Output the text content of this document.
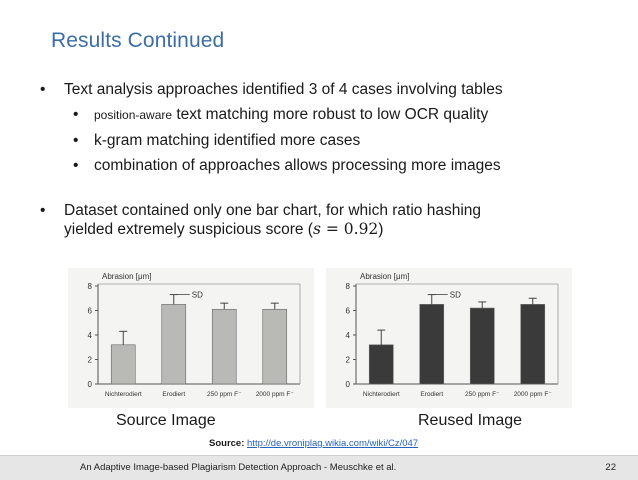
Results Continued
• Text analysis approaches identified 3 of 4 cases involving tables
• position-aware text matching more robust to low OCR quality
• k-gram matching identified more cases
• combination of approaches allows processing more images
• Dataset contained only one bar chart, for which ratio hashing
yielded extremely suspicious score (s = 0.92)
Abrasion [μm]
0
2
4
6
8
Nichterodiert	Erodiert	250 ppm F⁻ 2000 ppm F⁻
SD
Abrasion [μm]
0
2
4
6
8
Nichterodiert	Erodiert	250 ppm F⁻ 2000 ppm F⁻
SD
Source Image	Reused Image
Source: http://de.vroniplag.wikia.com/wiki/Cz/047
An Adaptive Image-based Plagiarism Detection Approach - Meuschke et al.	22
